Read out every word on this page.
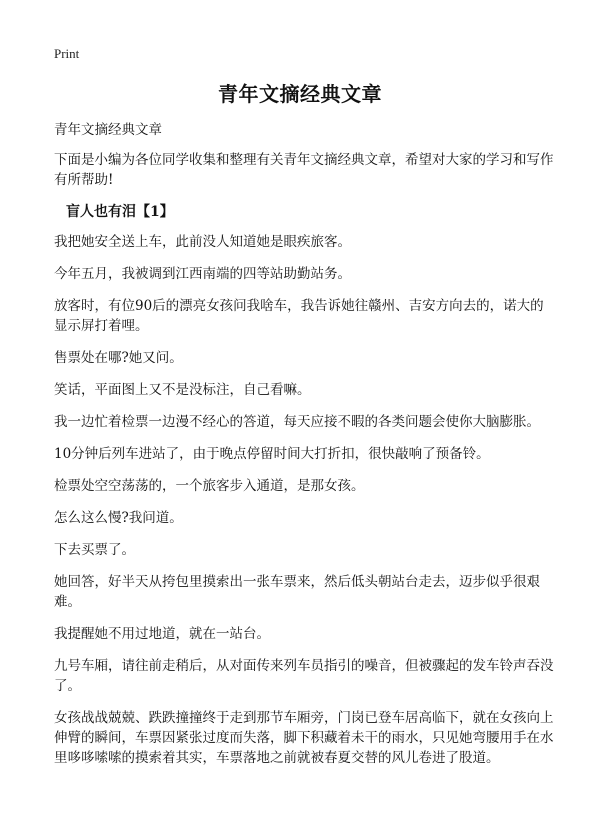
Print
青年文摘经典文章

青年文摘经典文章

下面是小编为各位同学收集和整理有关青年文摘经典文章，希望对大家的学习和写作有所帮助!

盲人也有泪【1】

我把她安全送上车，此前没人知道她是眼疾旅客。

今年五月，我被调到江西南端的四等站助勤站务。

放客时，有位90后的漂亮女孩问我啥车，我告诉她往赣州、吉安方向去的，诺大的显示屏打着哩。

售票处在哪?她又问。

笑话，平面图上又不是没标注，自己看嘛。

我一边忙着检票一边漫不经心的答道，每天应接不暇的各类问题会使你大脑膨胀。

10分钟后列车进站了，由于晚点停留时间大打折扣，很快敲响了预备铃。

检票处空空荡荡的，一个旅客步入通道，是那女孩。

怎么这么慢?我问道。

下去买票了。

她回答，好半天从挎包里摸索出一张车票来，然后低头朝站台走去，迈步似乎很艰难。

我提醒她不用过地道，就在一站台。

九号车厢，请往前走稍后，从对面传来列车员指引的噪音，但被骤起的发车铃声吞没了。

女孩战战兢兢、跌跌撞撞终于走到那节车厢旁，门岗已登车居高临下，就在女孩向上伸臂的瞬间，车票因紧张过度而失落，脚下积藏着未干的雨水，只见她弯腰用手在水里哆哆嗦嗦的摸索着其实，车票落地之前就被春夏交替的风儿卷进了股道。
